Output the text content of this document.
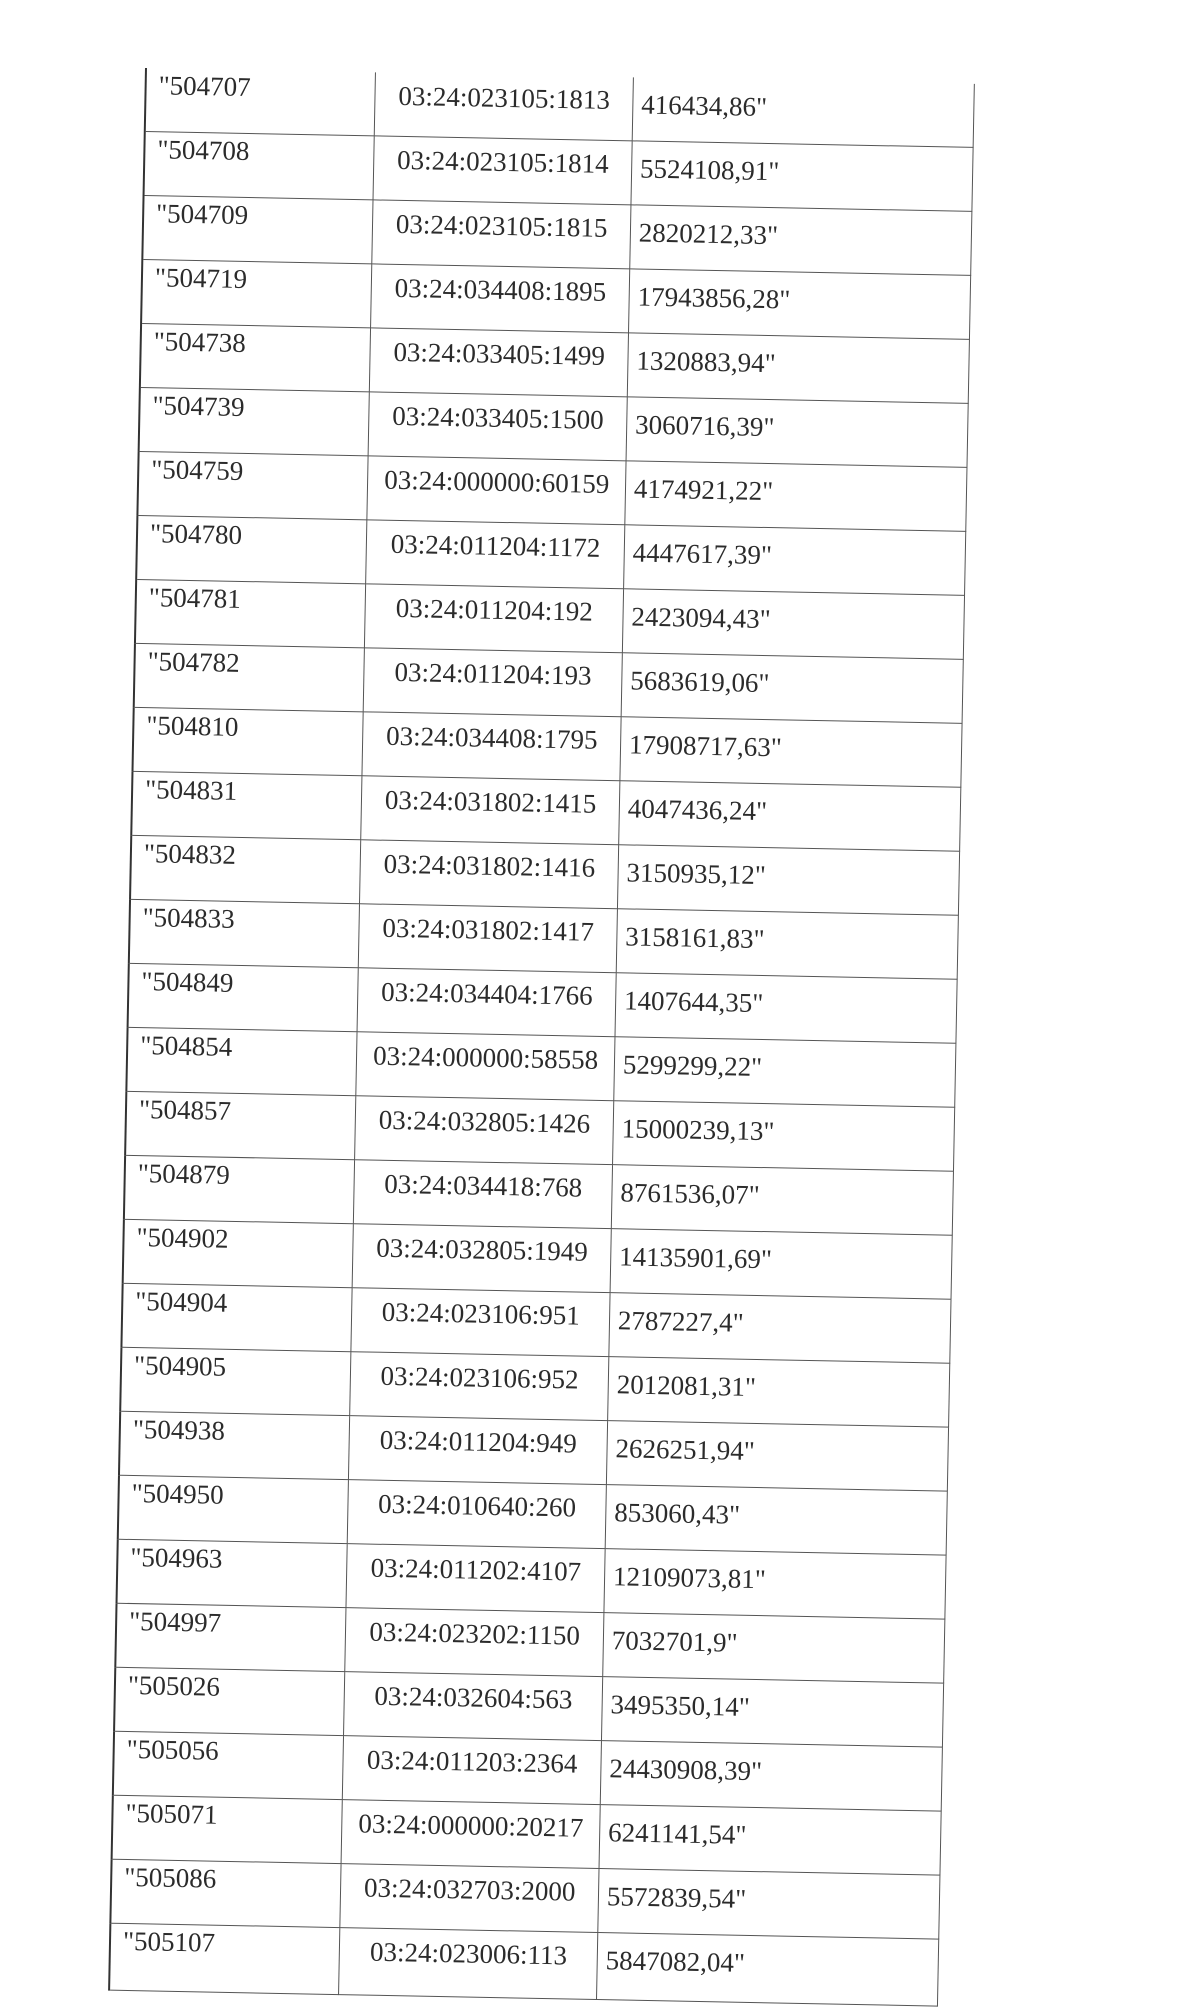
"504707	03:24:023105:1813	416434,86"
"504708	03:24:023105:1814	5524108,91"
"504709	03:24:023105:1815	2820212,33"
"504719	03:24:034408:1895	17943856,28"
"504738	03:24:033405:1499	1320883,94"
"504739	03:24:033405:1500	3060716,39"
"504759	03:24:000000:60159	4174921,22"
"504780	03:24:011204:1172	4447617,39"
"504781	03:24:011204:192	2423094,43"
"504782	03:24:011204:193	5683619,06"
"504810	03:24:034408:1795	17908717,63"
"504831	03:24:031802:1415	4047436,24"
"504832	03:24:031802:1416	3150935,12"
"504833	03:24:031802:1417	3158161,83"
"504849	03:24:034404:1766	1407644,35"
"504854	03:24:000000:58558	5299299,22"
"504857	03:24:032805:1426	15000239,13"
"504879	03:24:034418:768	8761536,07"
"504902	03:24:032805:1949	14135901,69"
"504904	03:24:023106:951	2787227,4"
"504905	03:24:023106:952	2012081,31"
"504938	03:24:011204:949	2626251,94"
"504950	03:24:010640:260	853060,43"
"504963	03:24:011202:4107	12109073,81"
"504997	03:24:023202:1150	7032701,9"
"505026	03:24:032604:563	3495350,14"
"505056	03:24:011203:2364	24430908,39"
"505071	03:24:000000:20217	6241141,54"
"505086	03:24:032703:2000	5572839,54"
"505107	03:24:023006:113	5847082,04"
